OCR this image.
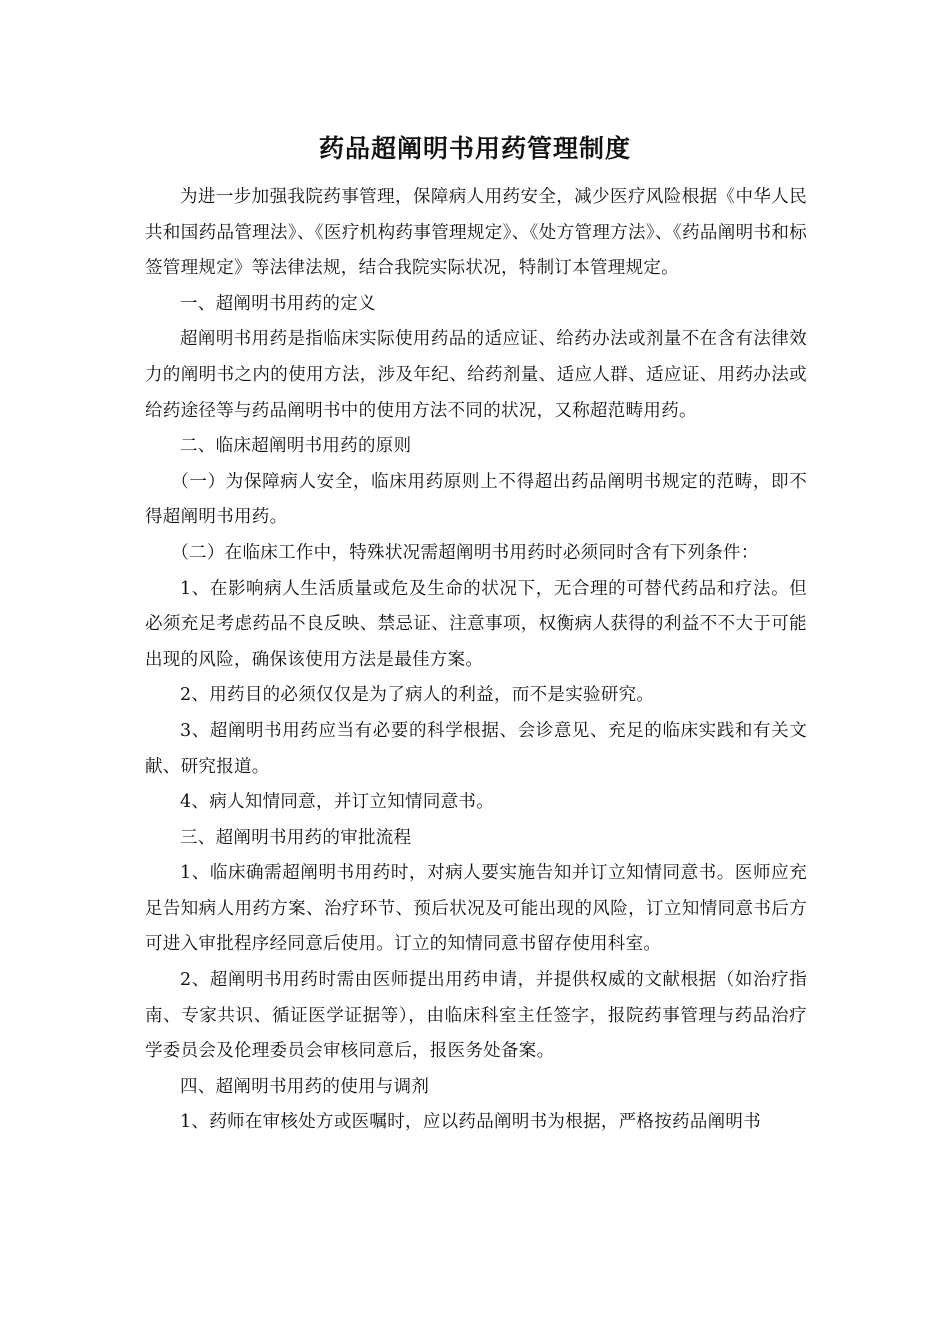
药品超阐明书用药管理制度

为进一步加强我院药事管理，保障病人用药安全，减少医疗风险根据《中华人民共和国药品管理法》、《医疗机构药事管理规定》、《处方管理方法》、《药品阐明书和标签管理规定》等法律法规，结合我院实际状况，特制订本管理规定。

一、超阐明书用药的定义

超阐明书用药是指临床实际使用药品的适应证、给药办法或剂量不在含有法律效力的阐明书之内的使用方法，涉及年纪、给药剂量、适应人群、适应证、用药办法或给药途径等与药品阐明书中的使用方法不同的状况，又称超范畴用药。

二、临床超阐明书用药的原则

（一）为保障病人安全，临床用药原则上不得超出药品阐明书规定的范畴，即不得超阐明书用药。

（二）在临床工作中，特殊状况需超阐明书用药时必须同时含有下列条件：

1、在影响病人生活质量或危及生命的状况下，无合理的可替代药品和疗法。但必须充足考虑药品不良反映、禁忌证、注意事项，权衡病人获得的利益不不大于可能出现的风险，确保该使用方法是最佳方案。

2、用药目的必须仅仅是为了病人的利益，而不是实验研究。

3、超阐明书用药应当有必要的科学根据、会诊意见、充足的临床实践和有关文献、研究报道。

4、病人知情同意，并订立知情同意书。

三、超阐明书用药的审批流程

1、临床确需超阐明书用药时，对病人要实施告知并订立知情同意书。医师应充足告知病人用药方案、治疗环节、预后状况及可能出现的风险，订立知情同意书后方可进入审批程序经同意后使用。订立的知情同意书留存使用科室。

2、超阐明书用药时需由医师提出用药申请，并提供权威的文献根据（如治疗指南、专家共识、循证医学证据等），由临床科室主任签字，报院药事管理与药品治疗学委员会及伦理委员会审核同意后，报医务处备案。

四、超阐明书用药的使用与调剂

1、药师在审核处方或医嘱时，应以药品阐明书为根据，严格按药品阐明书
